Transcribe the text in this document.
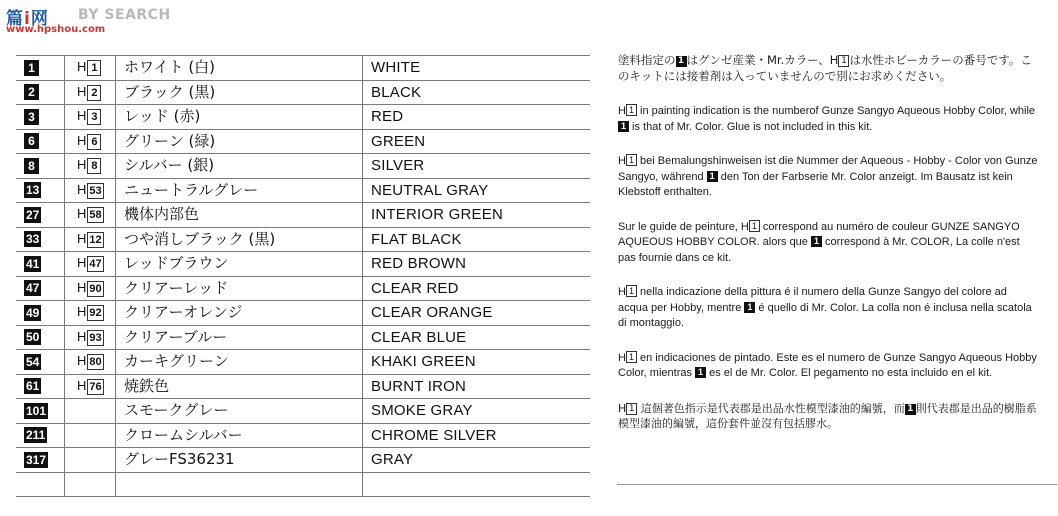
篇i网 BY SEARCH
www.hpshou.com
1	H 1	ホワイト (白)	WHITE
2	H 2	ブラック (黒)	BLACK
3	H 3	レッド (赤)	RED
6	H 6	グリーン (緑)	GREEN
8	H 8	シルバー (銀)	SILVER
13	H 53	ニュートラルグレー	NEUTRAL GRAY
27	H 58	機体内部色	INTERIOR GREEN
33	H 12	つや消しブラック (黒)	FLAT BLACK
41	H 47	レッドブラウン	RED BROWN
47	H 90	クリアーレッド	CLEAR RED
49	H 92	クリアーオレンジ	CLEAR ORANGE
50	H 93	クリアーブルー	CLEAR BLUE
54	H 80	カーキグリーン	KHAKI GREEN
61	H 76	焼鉄色	BURNT IRON
101		スモークグレー	SMOKE GRAY
211		クロームシルバー	CHROME SILVER
317		グレーFS36231	GRAY

塗料指定の 1 はグンゼ産業・Mr.カラー、H 1 は水性ホビーカラーの番号です。このキットには接着剤は入っていませんので別にお求めください。
H 1 in painting indication is the numberof Gunze Sangyo Aqueous Hobby Color, while 1 is that of Mr. Color. Glue is not included in this kit.
H 1 bei Bemalungshinweisen ist die Nummer der Aqueous - Hobby - Color von Gunze Sangyo, während 1 den Ton der Farbserie Mr. Color anzeigt. Im Bausatz ist kein Klebstoff enthalten.
Sur le guide de peinture, H 1 correspond au numéro de couleur GUNZE SANGYO AQUEOUS HOBBY COLOR. alors que 1 correspond à Mr. COLOR, La colle n'est pas fournie dans ce kit.
H 1 nella indicazione della pittura é il numero della Gunze Sangyo del colore ad acqua per Hobby, mentre 1 é quello di Mr. Color. La colla non é inclusa nella scatola di montaggio.
H 1 en indicaciones de pintado. Este es el numero de Gunze Sangyo Aqueous Hobby Color, mientras 1 es el de Mr. Color. El pegamento no esta incluido en el kit.
H 1 這個著色指示是代表郡是出品水性模型漆油的編號，而 1 則代表郡是出品的樹脂系模型漆油的編號，這份套件並沒有包括膠水。
